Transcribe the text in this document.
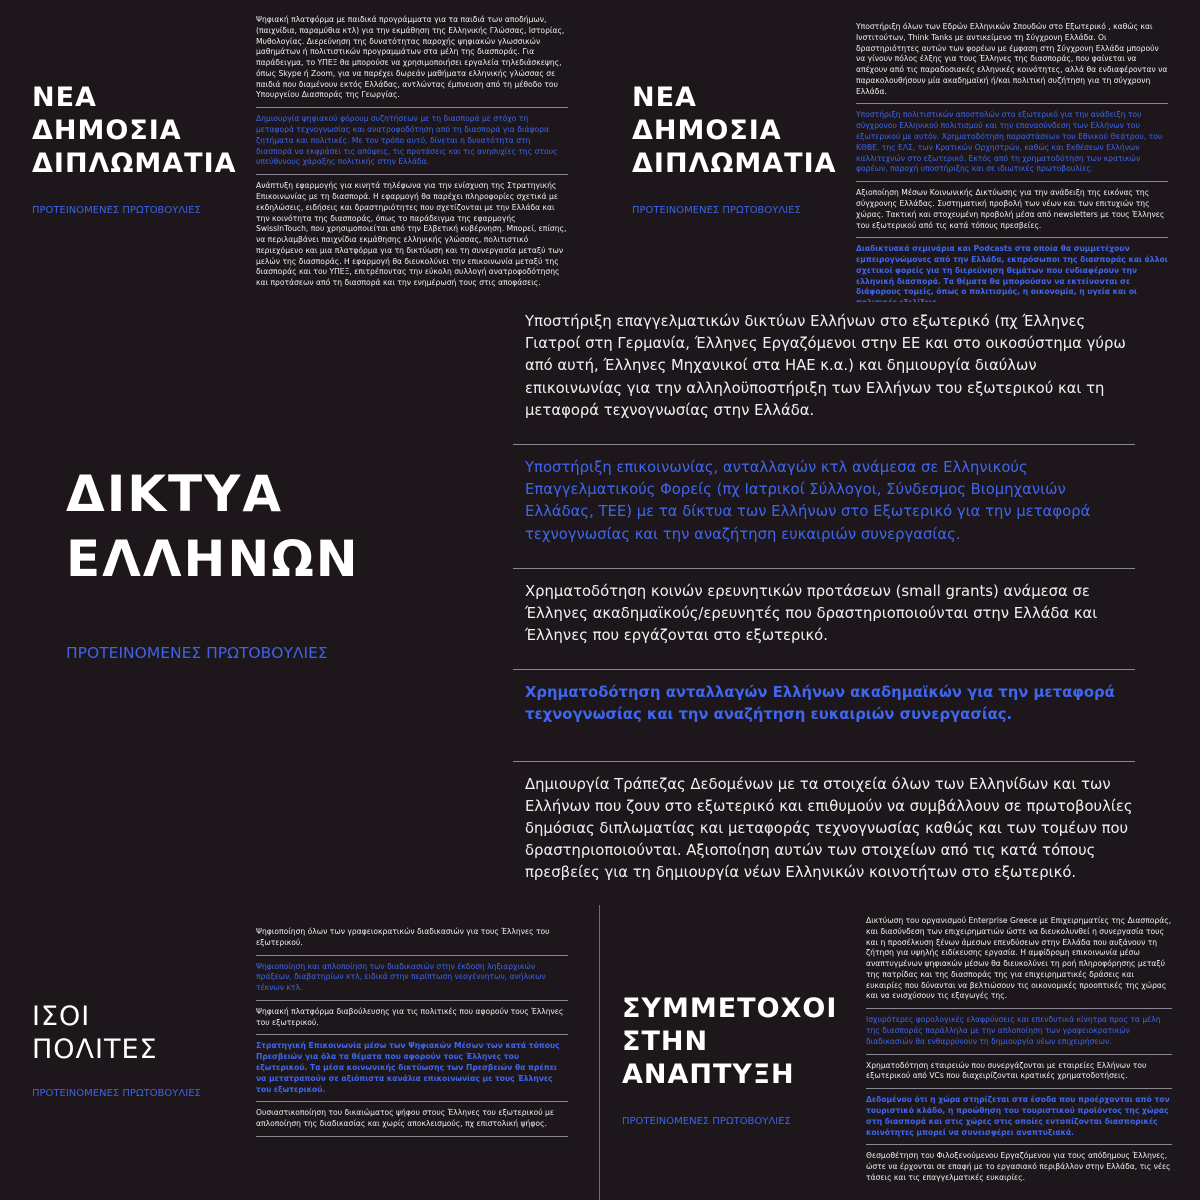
ΝΕΑ
ΔΗΜΟΣΙΑ
ΔΙΠΛΩΜΑΤΙΑ

ΠΡΟΤΕΙΝΟΜΕΝΕΣ ΠΡΩΤΟΒΟΥΛΙΕΣ

Ψηφιακή πλατφόρμα με παιδικά προγράμματα για τα παιδιά των αποδήμων, (παιχνίδια, παραμύθια κτλ) για την εκμάθηση της Ελληνικής Γλώσσας, Ιστορίας, Μυθολογίας. Διερεύνηση της δυνατότητας παροχής ψηφιακών γλωσσικών μαθημάτων ή πολιτιστικών προγραμμάτων στα μέλη της διασποράς. Για παράδειγμα, το ΥΠΕΞ θα μπορούσε να χρησιμοποιήσει εργαλεία τηλεδιάσκεψης, όπως Skype ή Zoom, για να παρέχει δωρεάν μαθήματα ελληνικής γλώσσας σε παιδιά που διαμένουν εκτός Ελλάδας, αντλώντας έμπνευση από τη μέθοδο του Υπουργείου Διασποράς της Γεωργίας.

Δημιουργία ψηφιακού φόρουμ συζητήσεων με τη διασπορά με στόχο τη μεταφορά τεχνογνωσίας και ανατροφοδότηση από τη διασπορά για διάφορα ζητήματα και πολιτικές. Με τον τρόπο αυτό, δίνεται η δυνατότητα στη διασπορά να εκφράσει τις απόψεις, τις προτάσεις και τις ανησυχίες της στους υπεύθυνους χάραξης πολιτικής στην Ελλάδα.

Ανάπτυξη εφαρμογής για κινητά τηλέφωνα για την ενίσχυση της Στρατηγικής Επικοινωνίας με τη διασπορά. Η εφαρμογή θα παρέχει πληροφορίες σχετικά με εκδηλώσεις, ειδήσεις και δραστηριότητες που σχετίζονται με την Ελλάδα και την κοινότητα της διασποράς, όπως το παράδειγμα της εφαρμογής SwissInTouch, που χρησιμοποιείται από την Ελβετική κυβέρνηση. Μπορεί, επίσης, να περιλαμβάνει παιχνίδια εκμάθησης ελληνικής γλώσσας, πολιτιστικό περιεχόμενο και μια πλατφόρμα για τη δικτύωση και τη συνεργασία μεταξύ των μελών της διασποράς. Η εφαρμογή θα διευκολύνει την επικοινωνία μεταξύ της διασποράς και του ΥΠΕΞ, επιτρέποντας την εύκολη συλλογή ανατροφοδότησης και προτάσεων από τη διασπορά και την ενημέρωσή τους στις αποφάσεις.

ΝΕΑ
ΔΗΜΟΣΙΑ
ΔΙΠΛΩΜΑΤΙΑ

ΠΡΟΤΕΙΝΟΜΕΝΕΣ ΠΡΩΤΟΒΟΥΛΙΕΣ

Υποστήριξη όλων των Εδρών Ελληνικών Σπουδών στο Εξωτερικό , καθώς και Ινστιτούτων, Think Tanks με αντικείμενο τη Σύγχρονη Ελλάδα. Οι δραστηριότητες αυτών των φορέων με έμφαση στη Σύγχρονη Ελλάδα μπορούν να γίνουν πόλος έλξης για τους Έλληνες της διασποράς, που φαίνεται να απέχουν από τις παραδοσιακές ελληνικές κοινότητες, αλλά θα ενδιαφέρονταν να παρακολουθήσουν μία ακαδημαϊκή ή/και πολιτική συζήτηση για τη σύγχρονη Ελλάδα.

Υποστήριξη πολιτιστικών αποστολών στο εξωτερικό για την ανάδειξη του σύγχρονου Ελληνικού πολιτισμού και την επανασύνδεση των Ελλήνων του εξωτερικού με αυτόν. Χρηματοδότηση παραστάσεων του Εθνικού Θεάτρου, του ΚΘΒΕ, της ΕΛΣ, των Κρατικών Ορχηστρών, καθώς και Εκθέσεων Ελλήνων καλλιτεχνών στο εξωτερικό. Εκτός από τη χρηματοδότηση των κρατικών φορέων, παροχή υποστήριξης και σε ιδιωτικές πρωτοβουλίες.

Αξιοποίηση Μέσων Κοινωνικής Δικτύωσης για την ανάδειξη της εικόνας της σύγχρονης Ελλάδας. Συστηματική προβολή των νέων και των επιτυχιών της χώρας. Τακτική και στοχευμένη προβολή μέσα από newsletters με τους Έλληνες του εξωτερικού από τις κατά τόπους πρεσβείες.

Διαδικτυακά σεμινάρια και Podcasts στα οποία θα συμμετέχουν εμπειρογνώμονες από την Ελλάδα, εκπρόσωποι της διασποράς και άλλοι σχετικοί φορείς για τη διερεύνηση θεμάτων που ενδιαφέρουν την ελληνική διασπορά. Τα θέματα θα μπορούσαν να εκτείνονται σε διάφορους τομείς, όπως ο πολιτισμός, η οικονομία, η υγεία και οι

ΙΣΟΙ
ΠΟΛΙΤΕΣ

ΠΡΟΤΕΙΝΟΜΕΝΕΣ ΠΡΩΤΟΒΟΥΛΙΕΣ

Ψηφιοποίηση όλων των γραφειοκρατικών διαδικασιών για τους Έλληνες του εξωτερικού.

Ψηφιοποίηση και απλοποίηση των διαδικασιών στην έκδοση ληξιαρχικών πράξεων, διαβατηρίων κτλ, ειδικά στην περίπτωση νεογέννητων, ανήλικων τέκνων κτλ.

Ψηφιακή πλατφόρμα διαβούλευσης για τις πολιτικές που αφορούν τους Έλληνες του εξωτερικού.

Στρατηγική Επικοινωνία μέσω των Ψηφιακών Μέσων των κατά τόπους Πρεσβειών για όλα τα θέματα που αφορούν τους Έλληνες του εξωτερικού. Τα μέσα κοινωνικής δικτύωσης των Πρεσβειών θα πρέπει να μετατραπούν σε αξιόπιστα κανάλια επικοινωνίας με τους Έλληνες του εξωτερικού.

Ουσιαστικοποίηση του δικαιώματος ψήφου στους Έλληνες του εξωτερικού με απλοποίηση της διαδικασίας και χωρίς αποκλεισμούς, πχ επιστολική ψήφος.

ΣΥΜΜΕΤΟΧΟΙ
ΣΤΗΝ
ΑΝΑΠΤΥΞΗ

ΠΡΟΤΕΙΝΟΜΕΝΕΣ ΠΡΩΤΟΒΟΥΛΙΕΣ

Δικτύωση του οργανισμού Enterprise Greece με Επιχειρηματίες της Διασποράς, και διασύνδεση των επιχειρηματιών ώστε να διευκολυνθεί η συνεργασία τους και η προσέλκυση ξένων άμεσων επενδύσεων στην Ελλάδα που αυξάνουν τη ζήτηση για υψηλής ειδίκευσης εργασία. Η αμφίδρομη επικοινωνία μέσω αναπτυγμένων ψηφιακών μέσων θα διευκολύνει τη ροή πληροφόρησης μεταξύ της πατρίδας και της διασποράς της για επιχειρηματικές δράσεις και ευκαιρίες που δύνανται να βελτιώσουν τις οικονομικές προοπτικές της χώρας και να ενισχύσουν τις εξαγωγές της.

Ισχυρότερες φορολογικές ελαφρύνσεις και επενδυτικά κίνητρα προς τα μέλη της διασποράς παράλληλα με την απλοποίηση των γραφειοκρατικών διαδικασιών θα ενθαρρύνουν τη δημιουργία νέων επιχειρήσεων.

Χρηματοδότηση εταιρειών που συνεργάζονται με εταιρείες Ελλήνων του εξωτερικού από VCs που διαχειρίζονται κρατικές χρηματοδοτήσεις.

Δεδομένου ότι η χώρα στηρίζεται στα έσοδα που προέρχονται από τον τουριστικό κλάδο, η προώθηση του τουριστικού προϊόντος της χώρας στη διασπορά και στις χώρες στις οποίες εντοπίζονται διασπορικές κοινότητες μπορεί να συνεισφέρει αναπτυξιακά.

Θεσμοθέτηση του Φιλοξενούμενου Εργαζόμενου για τους απόδημους Έλληνες, ώστε να έρχονται σε επαφή με το εργασιακό περιβάλλον στην Ελλάδα, τις νέες τάσεις και τις επαγγελματικές ευκαιρίες.

ΔΙΚΤΥΑ
ΕΛΛΗΝΩΝ

ΠΡΟΤΕΙΝΟΜΕΝΕΣ ΠΡΩΤΟΒΟΥΛΙΕΣ

Υποστήριξη επαγγελματικών δικτύων Ελλήνων στο εξωτερικό (πχ Έλληνες Γιατροί στη Γερμανία, Έλληνες Εργαζόμενοι στην ΕΕ και στο οικοσύστημα γύρω από αυτή, Έλληνες Μηχανικοί στα ΗΑΕ κ.α.) και δημιουργία διαύλων επικοινωνίας για την αλληλοϋποστήριξη των Ελλήνων του εξωτερικού και τη μεταφορά τεχνογνωσίας στην Ελλάδα.

Υποστήριξη επικοινωνίας, ανταλλαγών κτλ ανάμεσα σε Ελληνικούς Επαγγελματικούς Φορείς (πχ Ιατρικοί Σύλλογοι, Σύνδεσμος Βιομηχανιών Ελλάδας, ΤΕΕ) με τα δίκτυα των Ελλήνων στο Εξωτερικό για την μεταφορά τεχνογνωσίας και την αναζήτηση ευκαιριών συνεργασίας.

Χρηματοδότηση κοινών ερευνητικών προτάσεων (small grants) ανάμεσα σε Έλληνες ακαδημαϊκούς/ερευνητές που δραστηριοποιούνται στην Ελλάδα και Έλληνες που εργάζονται στο εξωτερικό.

Χρηματοδότηση ανταλλαγών Ελλήνων ακαδημαϊκών για την μεταφορά τεχνογνωσίας και την αναζήτηση ευκαιριών συνεργασίας.

Δημιουργία Τράπεζας Δεδομένων με τα στοιχεία όλων των Ελληνίδων και των Ελλήνων που ζουν στο εξωτερικό και επιθυμούν να συμβάλλουν σε πρωτοβουλίες δημόσιας διπλωματίας και μεταφοράς τεχνογνωσίας καθώς και των τομέων που δραστηριοποιούνται. Αξιοποίηση αυτών των στοιχείων από τις κατά τόπους πρεσβείες για τη δημιουργία νέων Ελληνικών κοινοτήτων στο εξωτερικό.
